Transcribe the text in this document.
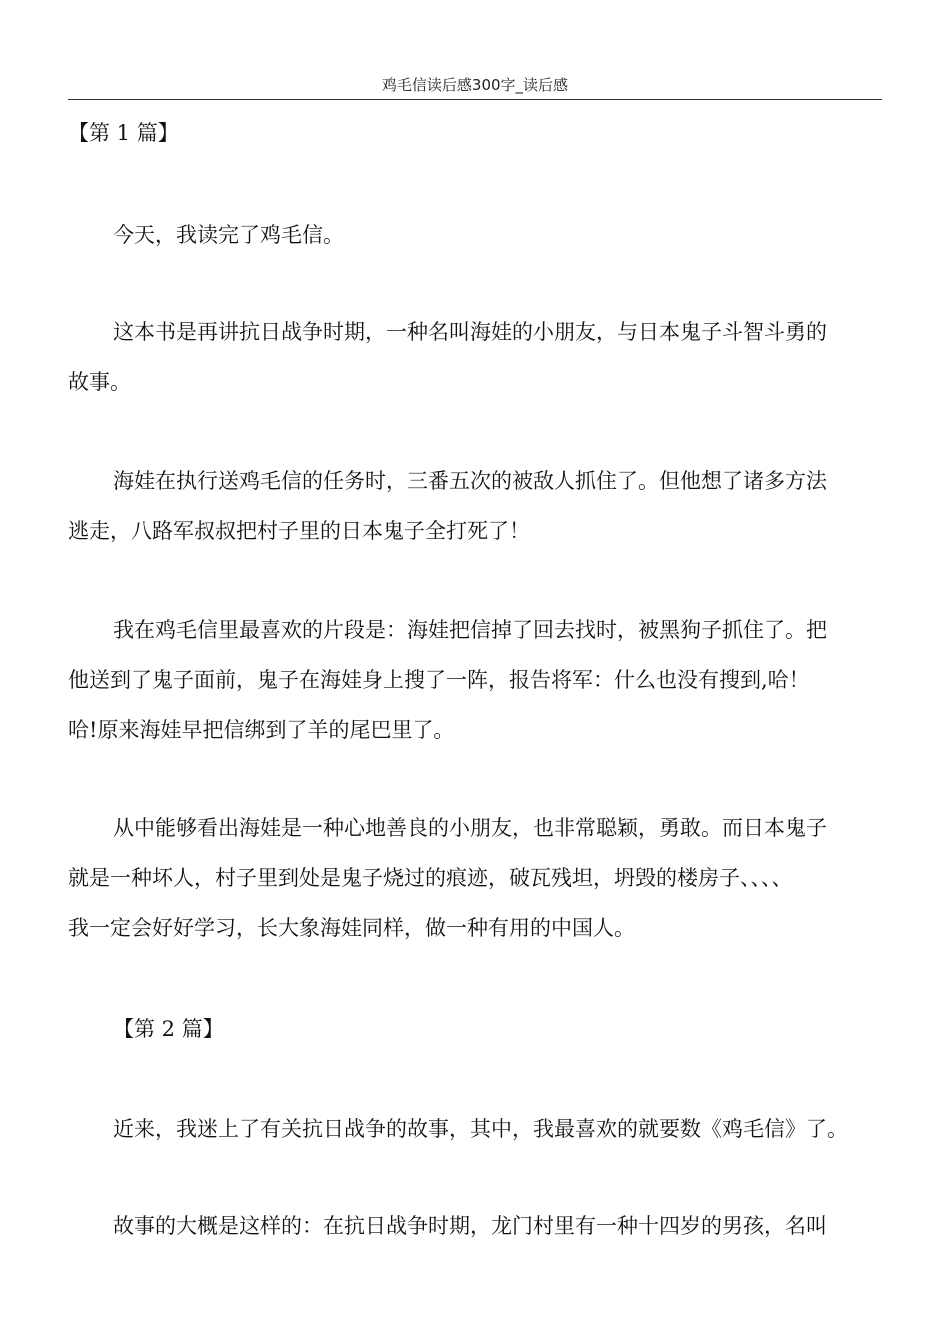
鸡毛信读后感300字_读后感
【第 1 篇】
今天，我读完了鸡毛信。
这本书是再讲抗日战争时期，一种名叫海娃的小朋友，与日本鬼子斗智斗勇的
故事。
海娃在执行送鸡毛信的任务时，三番五次的被敌人抓住了。但他想了诸多方法
逃走，八路军叔叔把村子里的日本鬼子全打死了！
我在鸡毛信里最喜欢的片段是：海娃把信掉了回去找时，被黑狗子抓住了。把
他送到了鬼子面前，鬼子在海娃身上搜了一阵，报告将军：什么也没有搜到,哈！
哈!原来海娃早把信绑到了羊的尾巴里了。
从中能够看出海娃是一种心地善良的小朋友，也非常聪颖，勇敢。而日本鬼子
就是一种坏人，村子里到处是鬼子烧过的痕迹，破瓦残坦，坍毁的楼房子、、、、
我一定会好好学习，长大象海娃同样，做一种有用的中国人。
【第 2 篇】
近来，我迷上了有关抗日战争的故事，其中，我最喜欢的就要数《鸡毛信》了。
故事的大概是这样的：在抗日战争时期，龙门村里有一种十四岁的男孩，名叫
